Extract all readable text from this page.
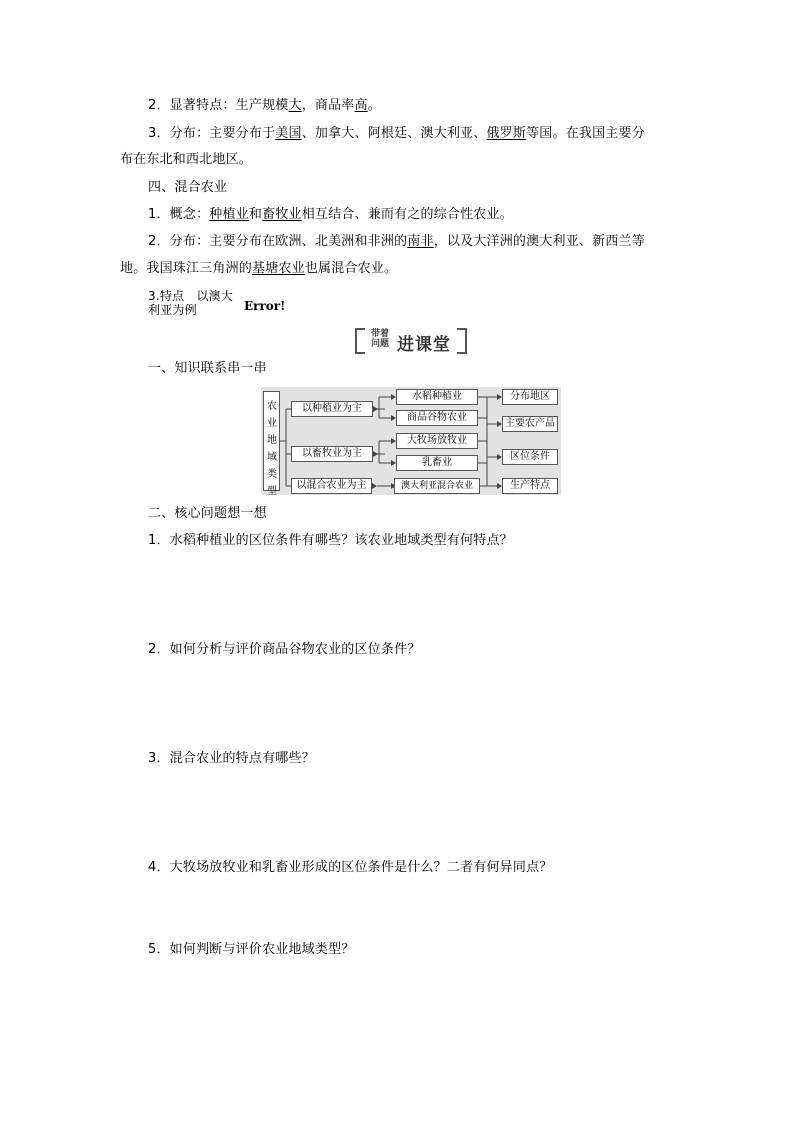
2．显著特点：生产规模大，商品率高。
3．分布：主要分布于美国、加拿大、阿根廷、澳大利亚、俄罗斯等国。在我国主要分
布在东北和西北地区。
四、混合农业
1．概念：种植业和畜牧业相互结合、兼而有之的综合性农业。
2．分布：主要分布在欧洲、北美洲和非洲的南非，以及大洋洲的澳大利亚、新西兰等
地。我国珠江三角洲的基塘农业也属混合农业。
3.特点　以澳大
利亚为例	Error!
带着
问题 进课堂
一、知识联系串一串
农
业
地
域
类
型
以种植业为主
以畜牧业为主
以混合农业为主
水稻种植业
商品谷物农业
大牧场放牧业
乳畜业
澳大利亚混合农业
分布地区
主要农产品
区位条件
生产特点
二、核心问题想一想
1．水稻种植业的区位条件有哪些？该农业地域类型有何特点？
2．如何分析与评价商品谷物农业的区位条件？
3．混合农业的特点有哪些？
4．大牧场放牧业和乳畜业形成的区位条件是什么？二者有何异同点？
5．如何判断与评价农业地域类型？
